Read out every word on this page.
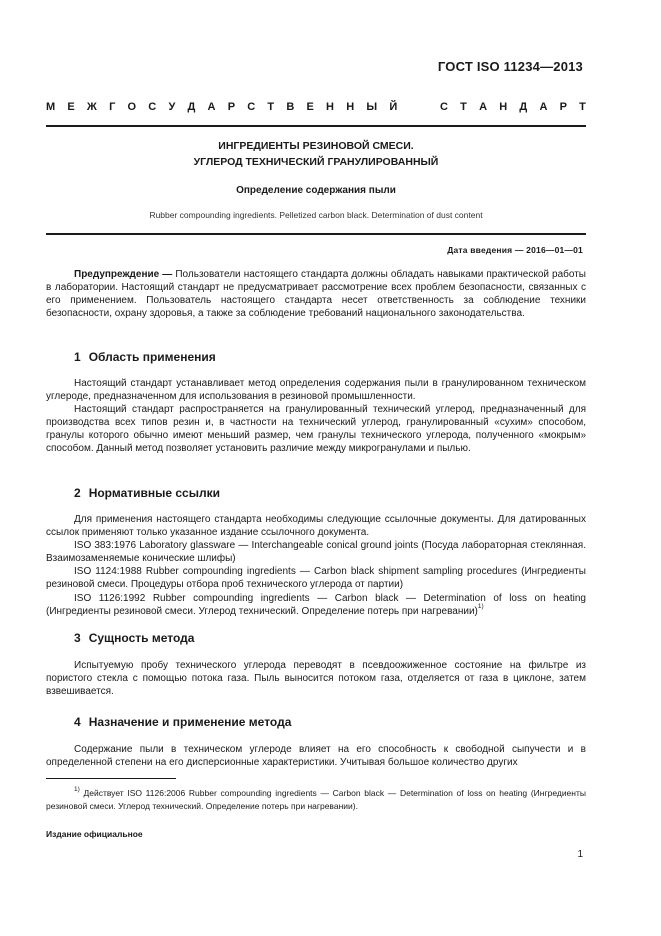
ГОСТ ISO 11234—2013
М Е Ж Г О С У Д А Р С Т В Е Н Н Ы Й

	С Т А Н Д А Р Т
ИНГРЕДИЕНТЫ РЕЗИНОВОЙ СМЕСИ.
УГЛЕРОД ТЕХНИЧЕСКИЙ ГРАНУЛИРОВАННЫЙ
Определение содержания пыли
Rubber compounding ingredients. Pelletized carbon black. Determination of dust content
Дата введения — 2016—01—01

Предупреждение — Пользователи настоящего стандарта должны обладать навыками практической работы в лаборатории. Настоящий стандарт не предусматривает рассмотрение всех проблем безопасности, связанных с его применением. Пользователь настоящего стандарта несет ответственность за соблюдение техники безопасности, охрану здоровья, а также за соблюдение требований национального законодательства.

1 Область применения

Настоящий стандарт устанавливает метод определения содержания пыли в гранулированном техническом углероде, предназначенном для использования в резиновой промышленности.

Настоящий стандарт распространяется на гранулированный технический углерод, предназначенный для производства всех типов резин и, в частности на технический углерод, гранулированный «сухим» способом, гранулы которого обычно имеют меньший размер, чем гранулы технического углерода, полученного «мокрым» способом. Данный метод позволяет установить различие между микрогранулами и пылью.

2 Нормативные ссылки

Для применения настоящего стандарта необходимы следующие ссылочные документы. Для датированных ссылок применяют только указанное издание ссылочного документа.

ISO 383:1976 Laboratory glassware — Interchangeable conical ground joints (Посуда лабораторная стеклянная. Взаимозаменяемые конические шлифы)

ISO 1124:1988 Rubber compounding ingredients — Carbon black shipment sampling procedures (Ингредиенты резиновой смеси. Процедуры отбора проб технического углерода от партии)

ISO 1126:1992 Rubber compounding ingredients — Carbon black — Determination of loss on heating (Ингредиенты резиновой смеси. Углерод технический. Определение потерь при нагревании)$^{1)}$

3 Сущность метода

Испытуемую пробу технического углерода переводят в псевдоожиженное состояние на фильтре из пористого стекла с помощью потока газа. Пыль выносится потоком газа, отделяется от газа в циклоне, затем взвешивается.

4 Назначение и применение метода

Содержание пыли в техническом углероде влияет на его способность к свободной сыпучести и в определенной степени на его дисперсионные характеристики. Учитывая большое количество других

$^{1)}$ Действует ISO 1126:2006 Rubber compounding ingredients — Carbon black — Determination of loss on heating (Ингредиенты резиновой смеси. Углерод технический. Определение потерь при нагревании).

Издание официальное
1
